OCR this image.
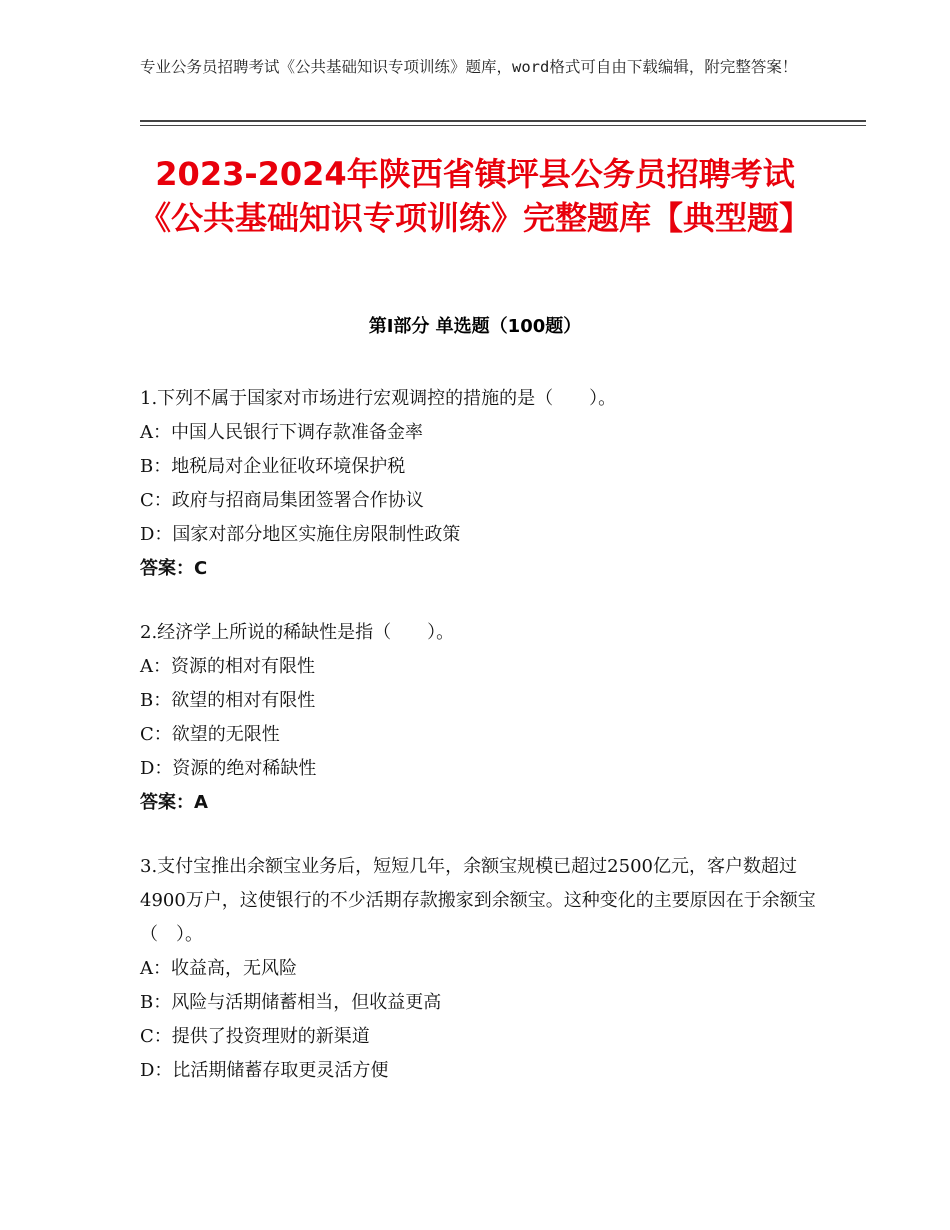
专业公务员招聘考试《公共基础知识专项训练》题库，word格式可自由下载编辑，附完整答案！
2023-2024年陕西省镇坪县公务员招聘考试《公共基础知识专项训练》完整题库【典型题】
第Ⅰ部分 单选题（100题）
1.下列不属于国家对市场进行宏观调控的措施的是（　　）。
A：中国人民银行下调存款准备金率
B：地税局对企业征收环境保护税
C：政府与招商局集团签署合作协议
D：国家对部分地区实施住房限制性政策
答案：C
2.经济学上所说的稀缺性是指（　　）。
A：资源的相对有限性
B：欲望的相对有限性
C：欲望的无限性
D：资源的绝对稀缺性
答案：A
3.支付宝推出余额宝业务后，短短几年，余额宝规模已超过2500亿元，客户数超过4900万户，这使银行的不少活期存款搬家到余额宝。这种变化的主要原因在于余额宝（　）。
A：收益高，无风险
B：风险与活期储蓄相当，但收益更高
C：提供了投资理财的新渠道
D：比活期储蓄存取更灵活方便
